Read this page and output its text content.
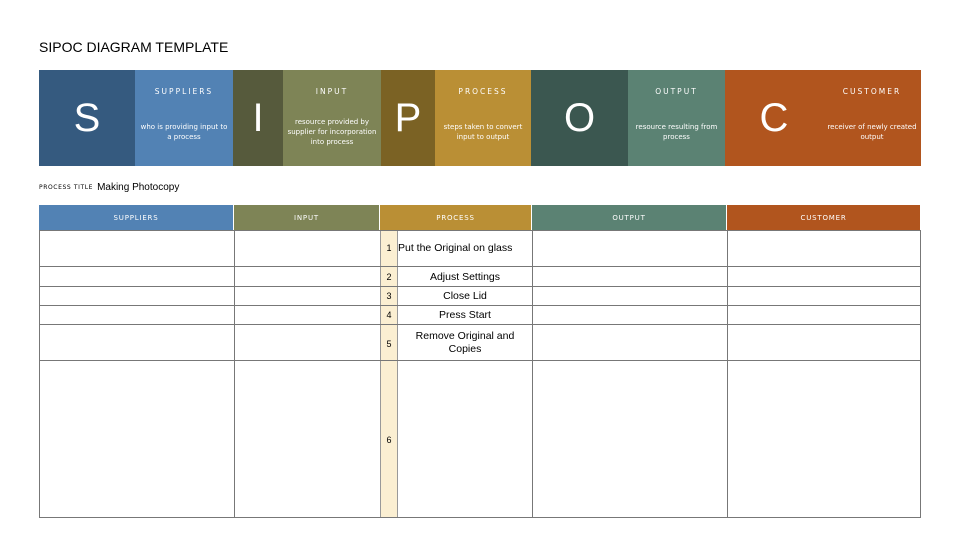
SIPOC DIAGRAM TEMPLATE
S
SUPPLIERS
who is providing input to a process	I
INPUT
resource provided by supplier for incorporation into process
P
PROCESS
steps taken to convert input to output	O
OUTPUT
resource resulting from process	C
CUSTOMER
receiver of newly created output
PROCESS TITLE Making Photocopy
SUPPLIERS	INPUT	PROCESS	OUTPUT	CUSTOMER
1 Put the Original on glass
2	Adjust Settings
3	Close Lid
4	Press Start
5
Remove Original and Copies
6
